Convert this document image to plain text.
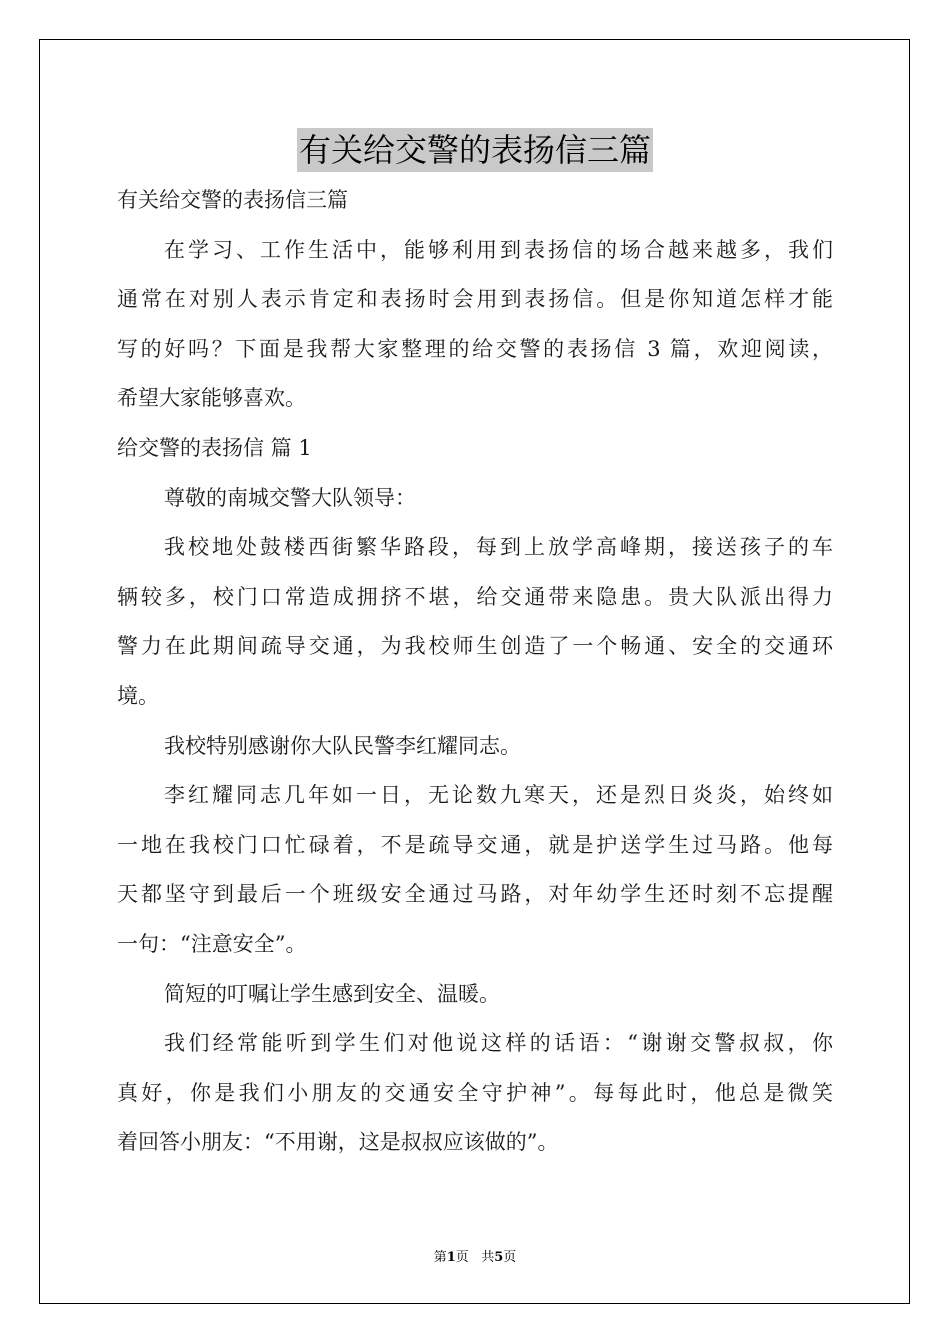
有关给交警的表扬信三篇
有关给交警的表扬信三篇
在学习、工作生活中，能够利用到表扬信的场合越来越多，我们
通常在对别人表示肯定和表扬时会用到表扬信。但是你知道怎样才能
写的好吗？下面是我帮大家整理的给交警的表扬信 3 篇，欢迎阅读，
希望大家能够喜欢。
给交警的表扬信 篇 1
尊敬的南城交警大队领导：
我校地处鼓楼西街繁华路段，每到上放学高峰期，接送孩子的车
辆较多，校门口常造成拥挤不堪，给交通带来隐患。贵大队派出得力
警力在此期间疏导交通，为我校师生创造了一个畅通、安全的交通环
境。
我校特别感谢你大队民警李红耀同志。
李红耀同志几年如一日，无论数九寒天，还是烈日炎炎，始终如
一地在我校门口忙碌着，不是疏导交通，就是护送学生过马路。他每
天都坚守到最后一个班级安全通过马路，对年幼学生还时刻不忘提醒
一句：“注意安全”。
简短的叮嘱让学生感到安全、温暖。
我们经常能听到学生们对他说这样的话语：“谢谢交警叔叔，你
真好，你是我们小朋友的交通安全守护神”。每每此时，他总是微笑
着回答小朋友：“不用谢，这是叔叔应该做的”。
第1页 共5页
